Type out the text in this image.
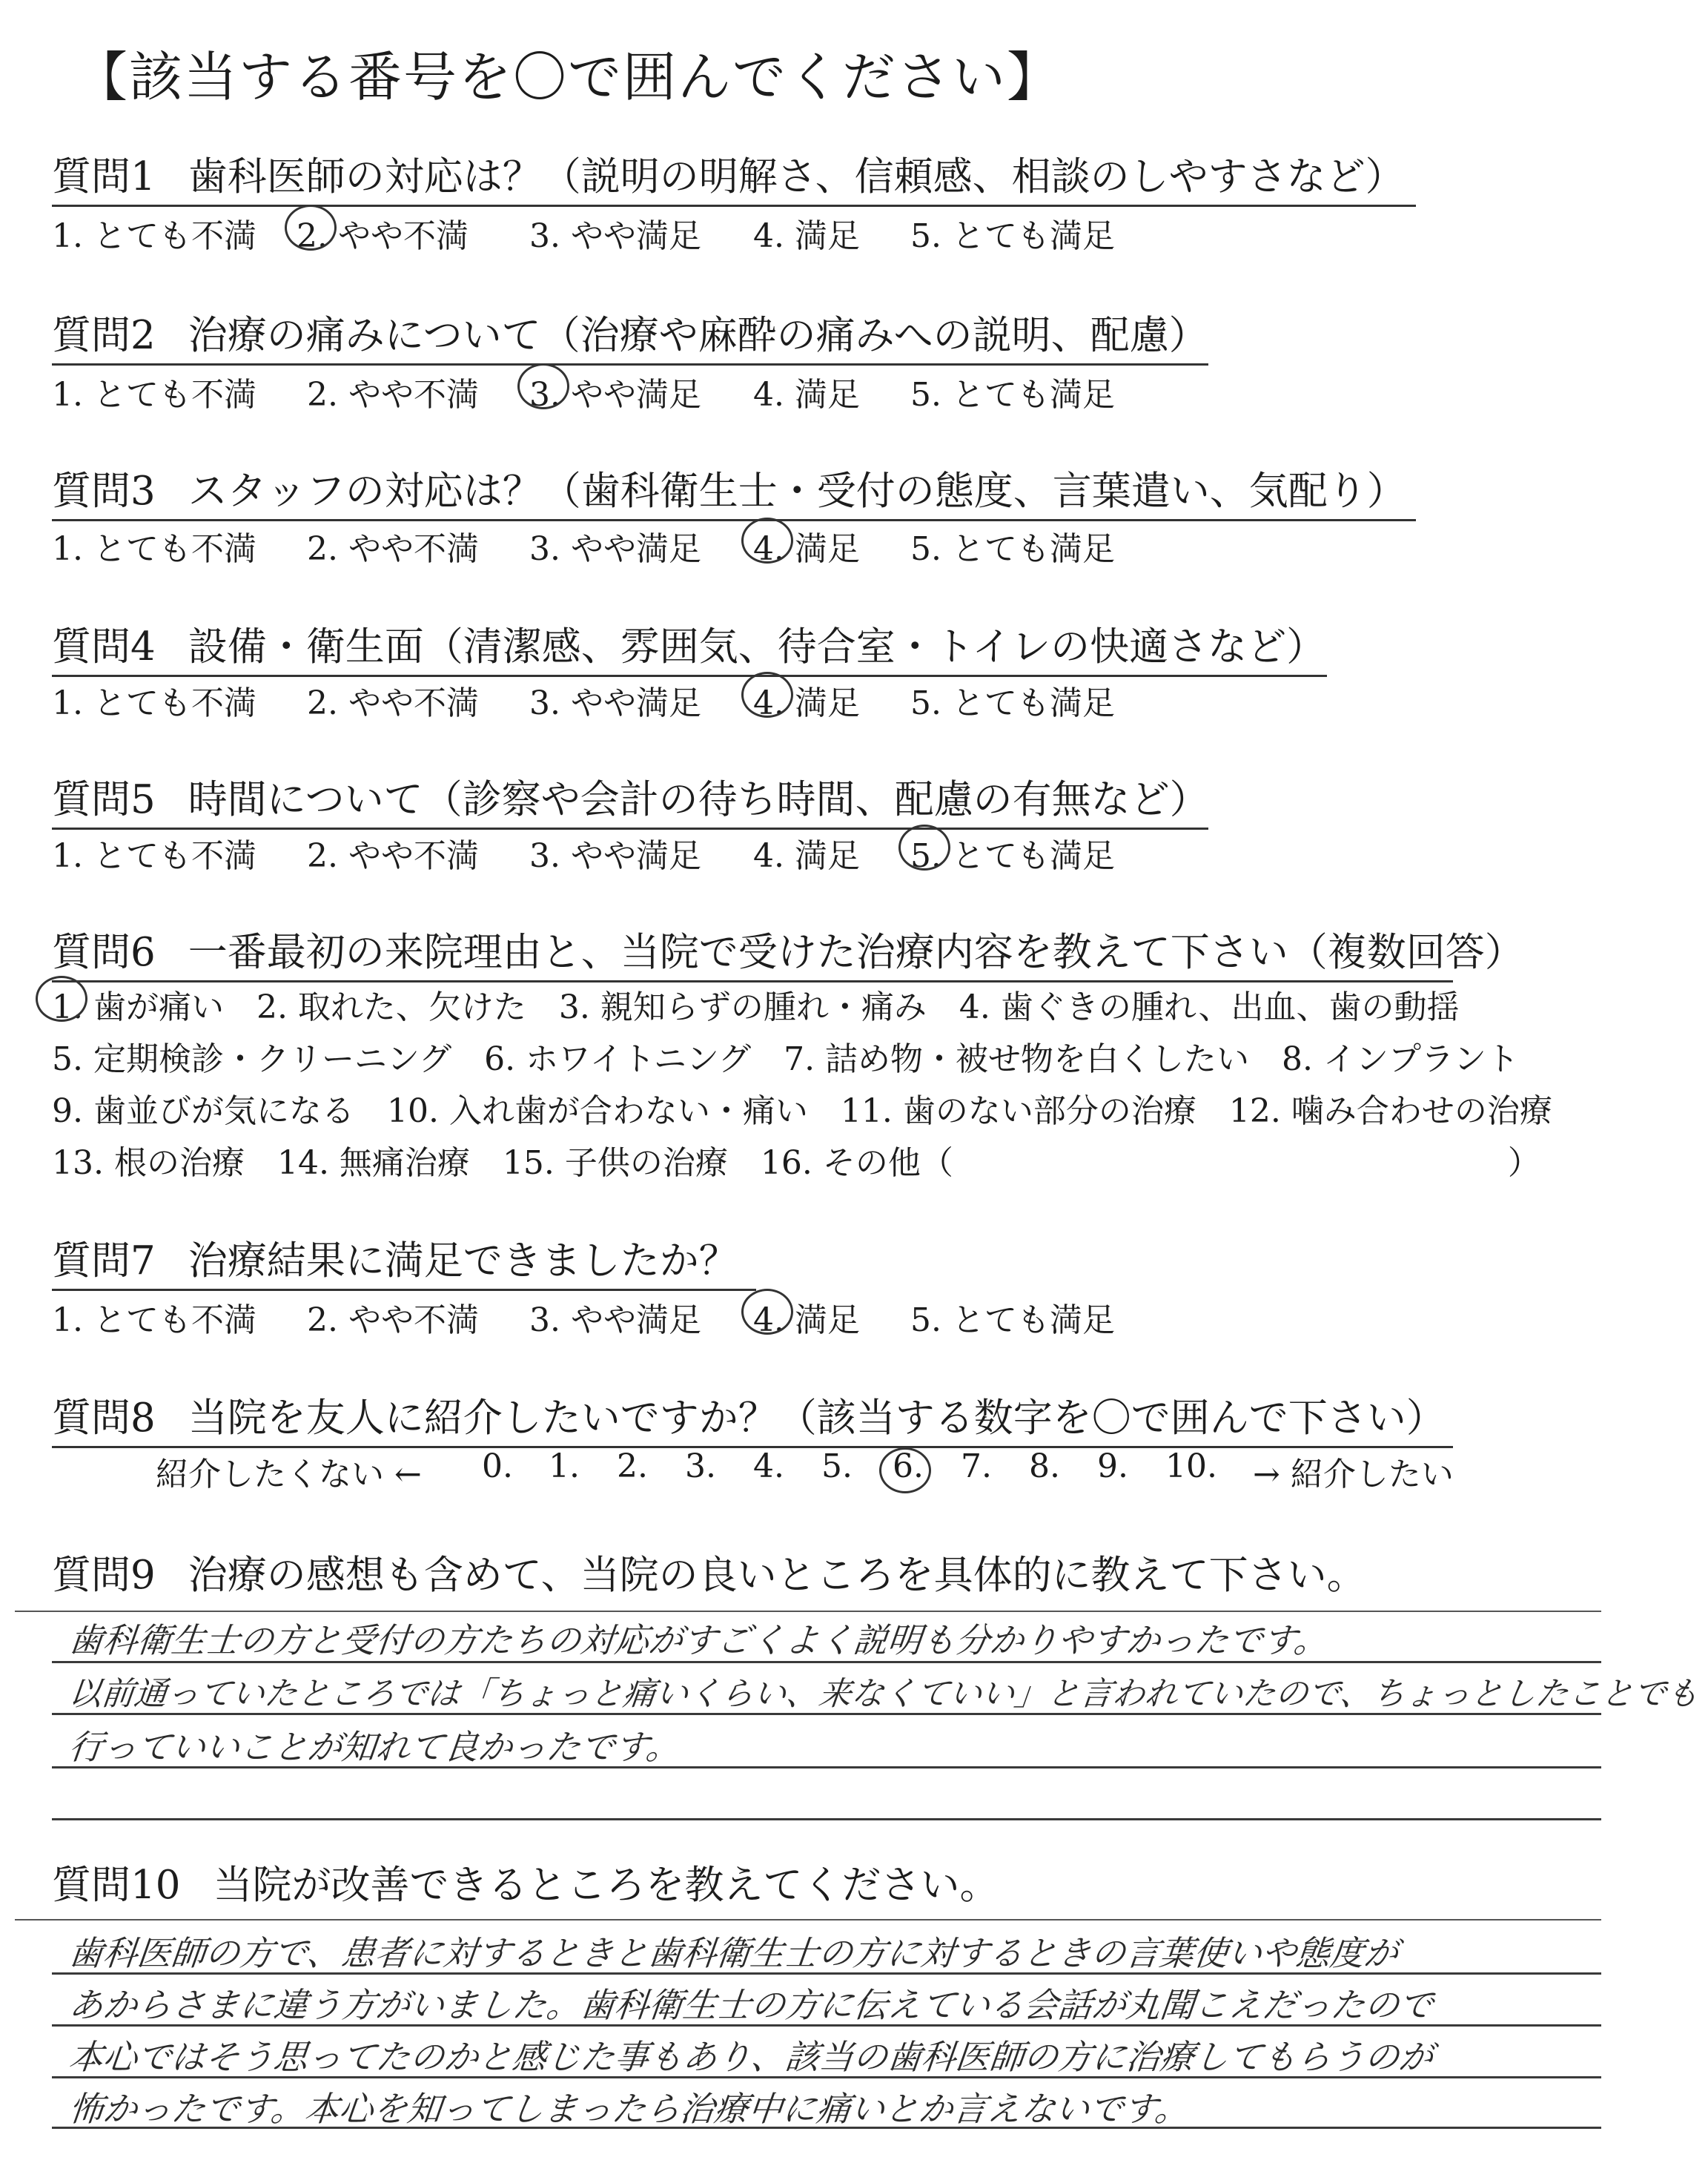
【該当する番号を〇で囲んでください】
質問1 歯科医師の対応は？（説明の明解さ、信頼感、相談のしやすさなど）
1. とても不満 2. やや不満 3. やや満足 4. 満足 5. とても満足
質問2 治療の痛みについて（治療や麻酔の痛みへの説明、配慮）
1. とても不満 2. やや不満 3. やや満足 4. 満足 5. とても満足
質問3 スタッフの対応は？（歯科衛生士・受付の態度、言葉遣い、気配り）
1. とても不満 2. やや不満 3. やや満足 4. 満足 5. とても満足
質問4 設備・衛生面（清潔感、雰囲気、待合室・トイレの快適さなど）
1. とても不満 2. やや不満 3. やや満足 4. 満足 5. とても満足
質問5 時間について（診察や会計の待ち時間、配慮の有無など）
1. とても不満 2. やや不満 3. やや満足 4. 満足 5. とても満足
質問6 一番最初の来院理由と、当院で受けた治療内容を教えて下さい（複数回答）
1. 歯が痛い　2. 取れた、欠けた　3. 親知らずの腫れ・痛み　4. 歯ぐきの腫れ、出血、歯の動揺
5. 定期検診・クリーニング　6. ホワイトニング　7. 詰め物・被せ物を白くしたい　8. インプラント
9. 歯並びが気になる　10. 入れ歯が合わない・痛い　11. 歯のない部分の治療　12. 噛み合わせの治療
13. 根の治療　14. 無痛治療　15. 子供の治療　16. その他（　　　　　　　　　　　　　　　　　）
質問7 治療結果に満足できましたか？
1. とても不満 2. やや不満 3. やや満足 4. 満足 5. とても満足
質問8 当院を友人に紹介したいですか？（該当する数字を〇で囲んで下さい）
紹介したくない ← 0. 1. 2. 3. 4. 5. 6. 7. 8. 9. 10. → 紹介したい
質問9 治療の感想も含めて、当院の良いところを具体的に教えて下さい。
歯科衛生士の方と受付の方たちの対応がすごくよく説明も分かりやすかったです。
以前通っていたところでは「ちょっと痛いくらい、来なくていい」と言われていたので、ちょっとしたことでも
行っていいことが知れて良かったです。
質問10 当院が改善できるところを教えてください。
歯科医師の方で、患者に対するときと歯科衛生士の方に対するときの言葉使いや態度が
あからさまに違う方がいました。歯科衛生士の方に伝えている会話が丸聞こえだったので
本心ではそう思ってたのかと感じた事もあり、該当の歯科医師の方に治療してもらうのが
怖かったです。本心を知ってしまったら治療中に痛いとか言えないです。
